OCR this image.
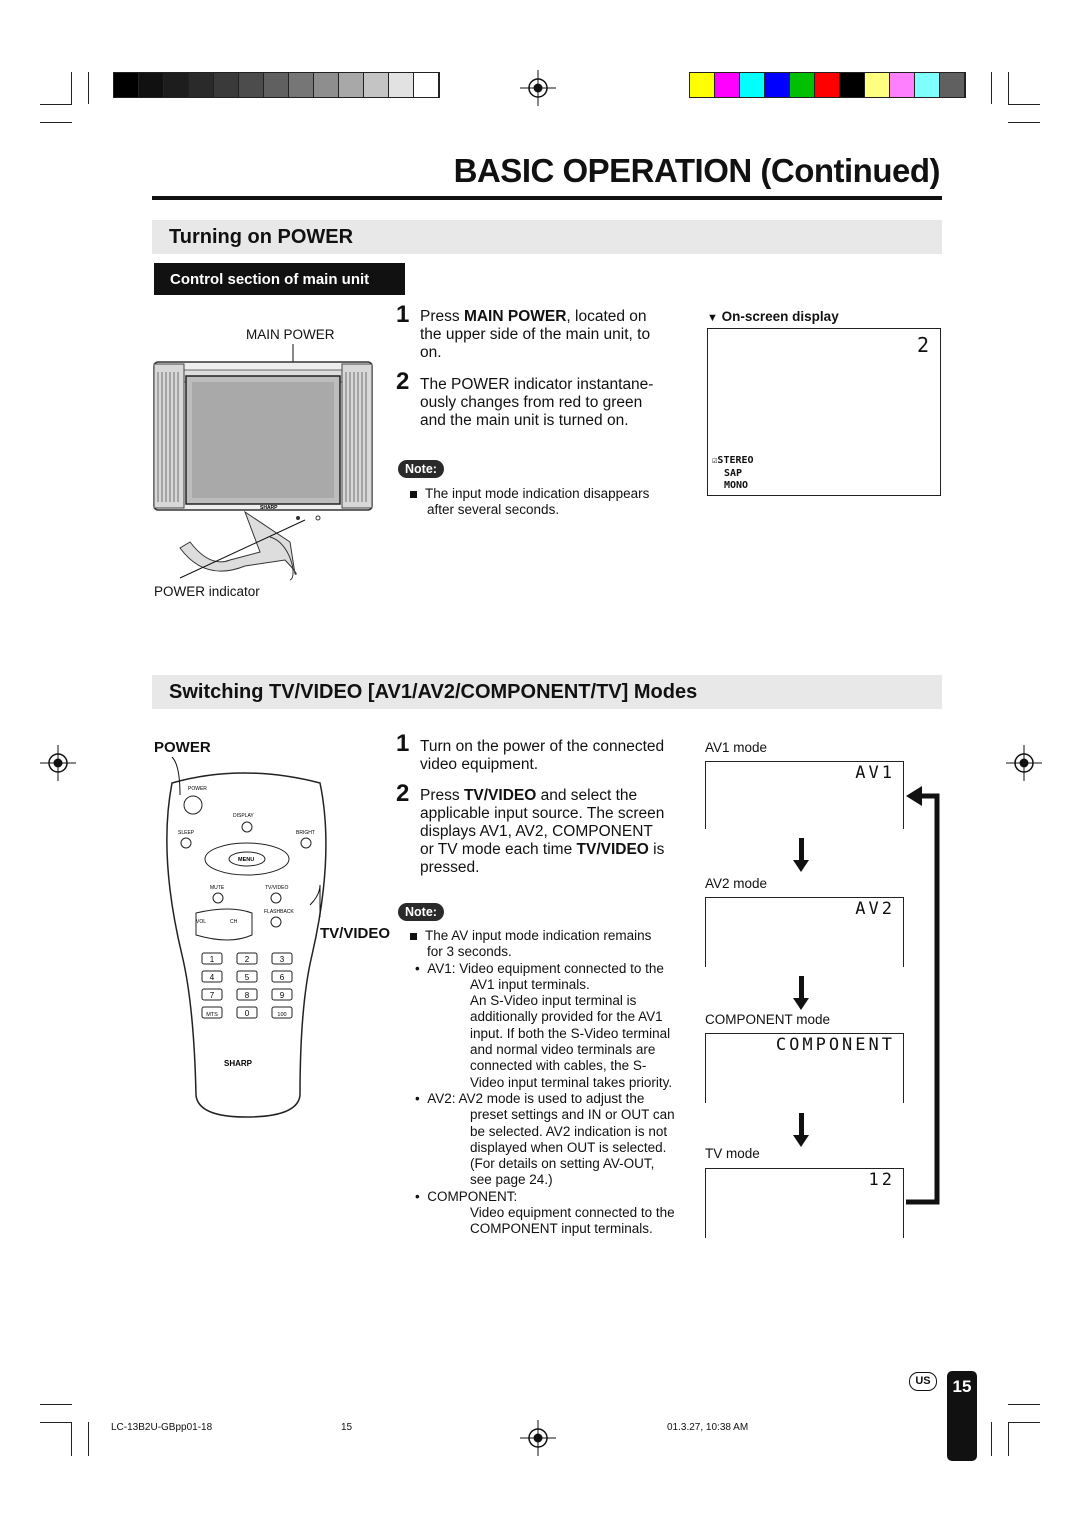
BASIC OPERATION (Continued)
Turning on POWER
Control section of main unit
MAIN POWER
SHARP
POWER indicator
1 Press MAIN POWER, located on
the upper side of the main unit, to
on.
2 The POWER indicator instantane-
ously changes from red to green
and the main unit is turned on.
Note:
The input mode indication disappears
after several seconds.
▼ On-screen display
2
☑STEREO
SAP
MONO
Switching TV/VIDEO [AV1/AV2/COMPONENT/TV] Modes
POWER
TV/VIDEO
POWER
DISPLAY
SLEEP	BRIGHT
MENU
MUTE	TV/VIDEO
FLASHBACK
VOL	CH
1	2	3
4	5	6
7	8	9
MTS	0	100
SHARP
1 Turn on the power of the connected
video equipment.
2 Press TV/VIDEO and select the
applicable input source. The screen
displays AV1, AV2, COMPONENT
or TV mode each time TV/VIDEO is
pressed.
Note:
The AV input mode indication remains
for 3 seconds.
•  AV1: Video equipment connected to the
AV1 input terminals.
An S-Video input terminal is
additionally provided for the AV1
input. If both the S-Video terminal
and normal video terminals are
connected with cables, the S-
Video input terminal takes priority.
•  AV2: AV2 mode is used to adjust the
preset settings and IN or OUT can
be selected. AV2 indication is not
displayed when OUT is selected.
(For details on setting AV-OUT,
see page 24.)
•  COMPONENT:
Video equipment connected to the
COMPONENT input terminals.
AV1 mode
AV1
AV2 mode
AV2
COMPONENT mode
COMPONENT
TV mode
12
US	15
LC-13B2U-GBpp01-18	15	01.3.27, 10:38 AM
